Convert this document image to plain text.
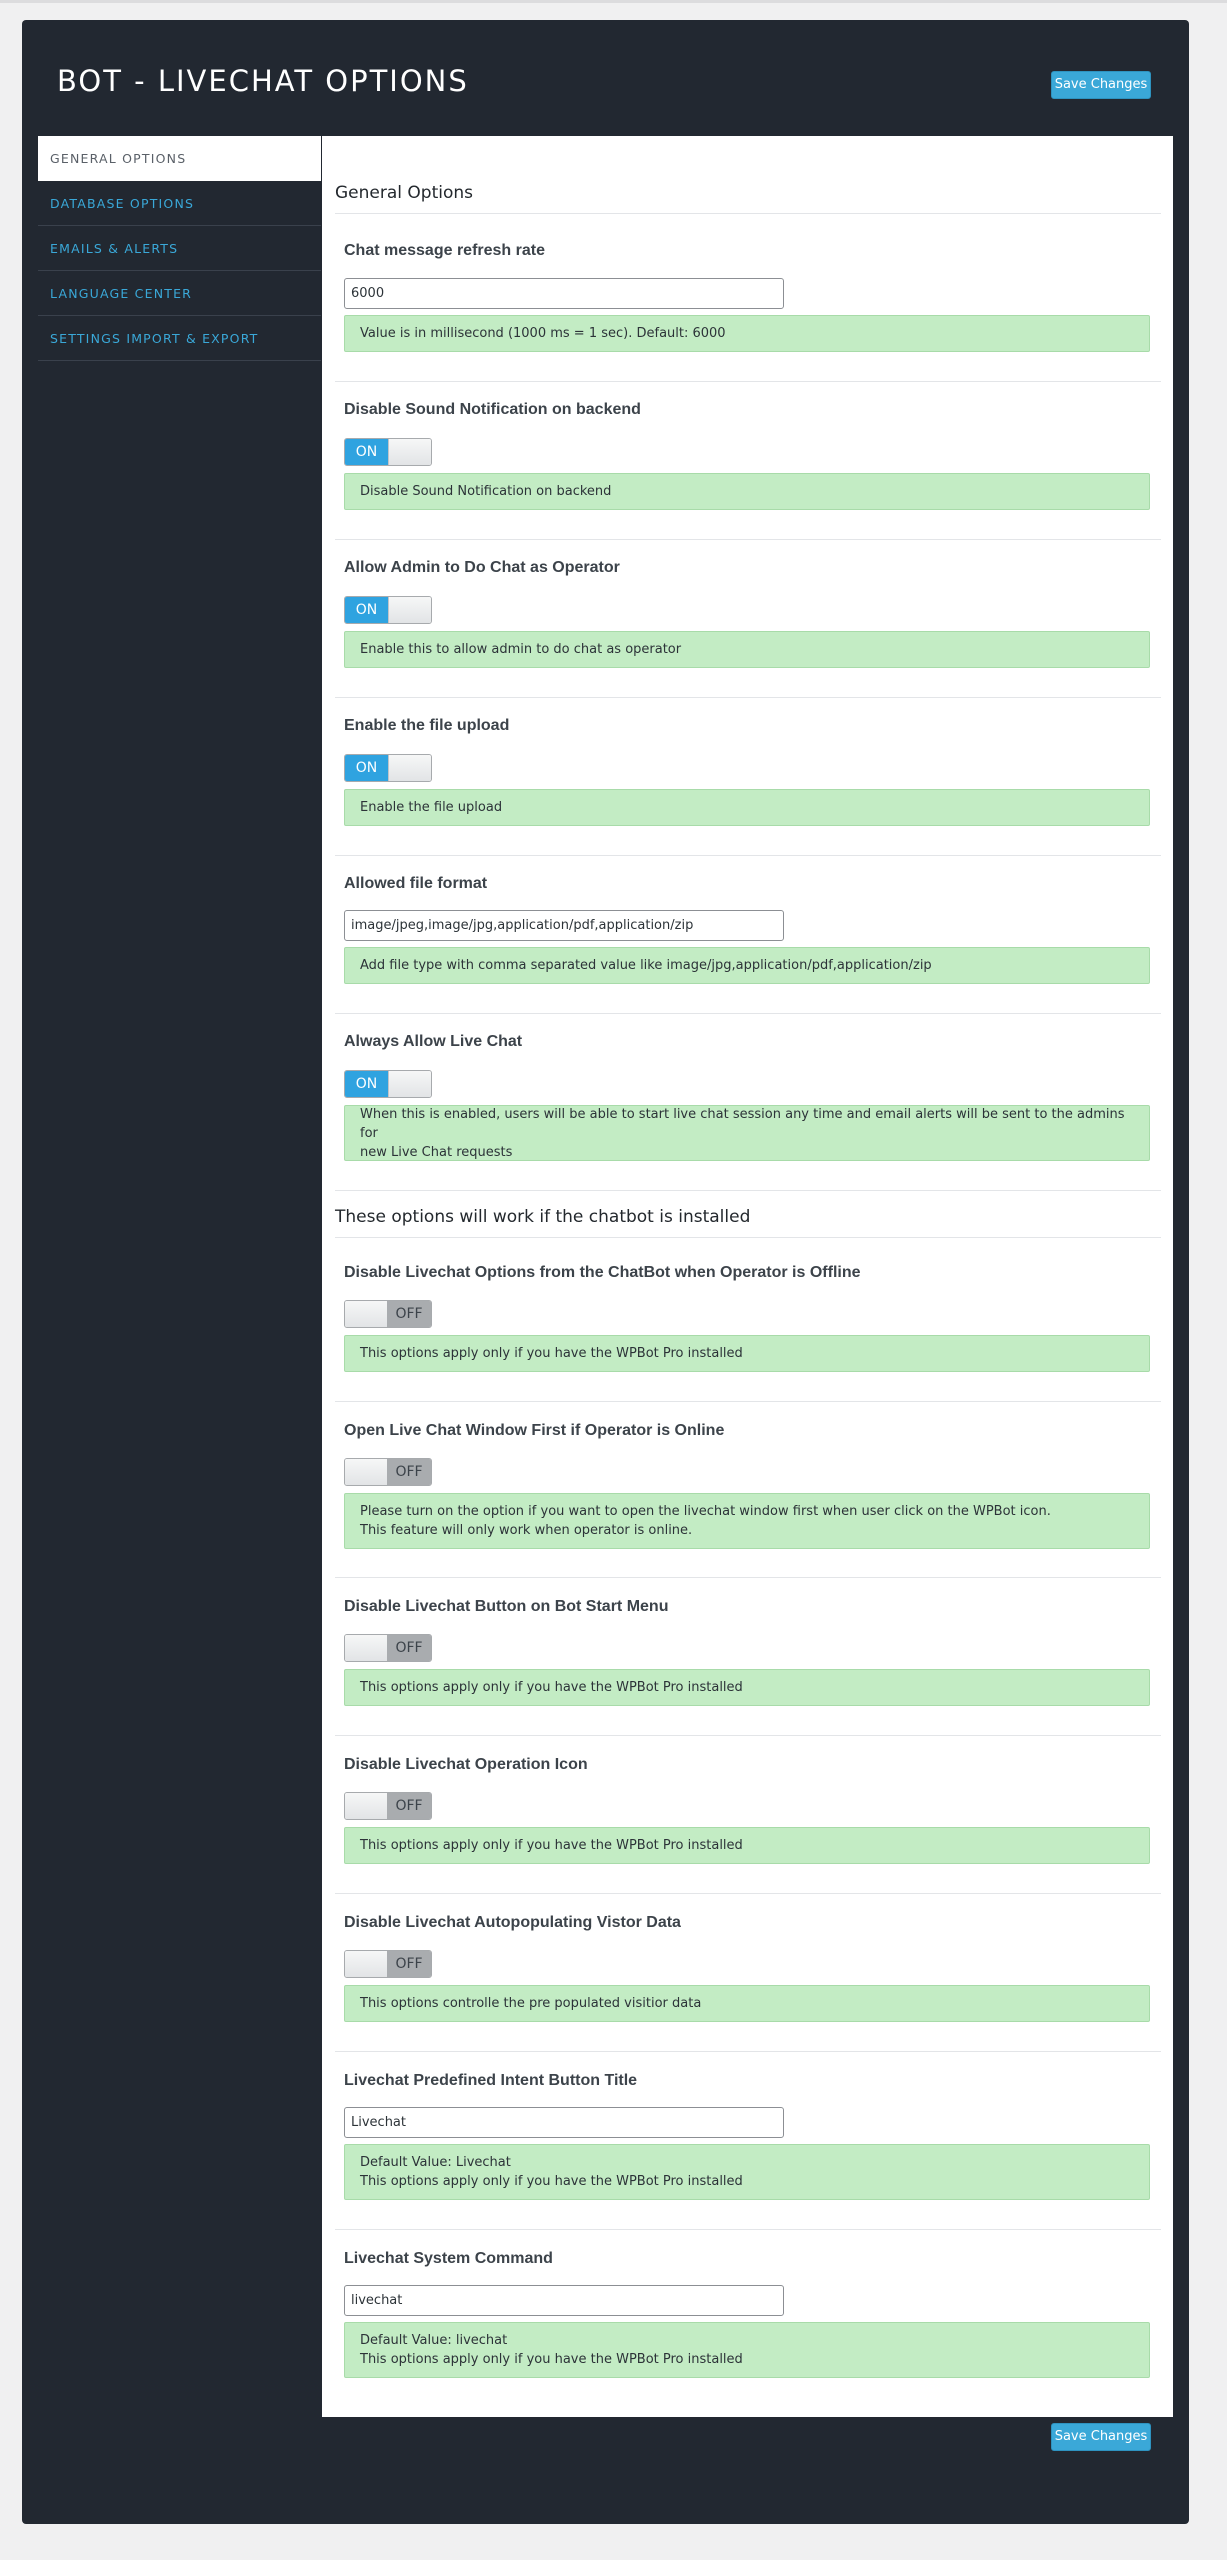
BOT - LIVECHAT OPTIONS	Save Changes
GENERAL OPTIONS
DATABASE OPTIONS
EMAILS & ALERTS
LANGUAGE CENTER
SETTINGS IMPORT & EXPORT
General Options
Chat message refresh rate
6000
Value is in millisecond (1000 ms = 1 sec). Default: 6000
Disable Sound Notification on backend
ON
Disable Sound Notification on backend
Allow Admin to Do Chat as Operator
ON
Enable this to allow admin to do chat as operator
Enable the file upload
ON
Enable the file upload
Allowed file format
image/jpeg,image/jpg,application/pdf,application/zip
Add file type with comma separated value like image/jpg,application/pdf,application/zip
Always Allow Live Chat
ON
When this is enabled, users will be able to start live chat session any time and email alerts will be sent to the admins for
new Live Chat requests
These options will work if the chatbot is installed
Disable Livechat Options from the ChatBot when Operator is Offline
OFF
This options apply only if you have the WPBot Pro installed
Open Live Chat Window First if Operator is Online
OFF
Please turn on the option if you want to open the livechat window first when user click on the WPBot icon.
This feature will only work when operator is online.
Disable Livechat Button on Bot Start Menu
OFF
This options apply only if you have the WPBot Pro installed
Disable Livechat Operation Icon
OFF
This options apply only if you have the WPBot Pro installed
Disable Livechat Autopopulating Vistor Data
OFF
This options controlle the pre populated visitior data
Livechat Predefined Intent Button Title
Livechat
Default Value: Livechat
This options apply only if you have the WPBot Pro installed
Livechat System Command
livechat
Default Value: livechat
This options apply only if you have the WPBot Pro installed
Save Changes
